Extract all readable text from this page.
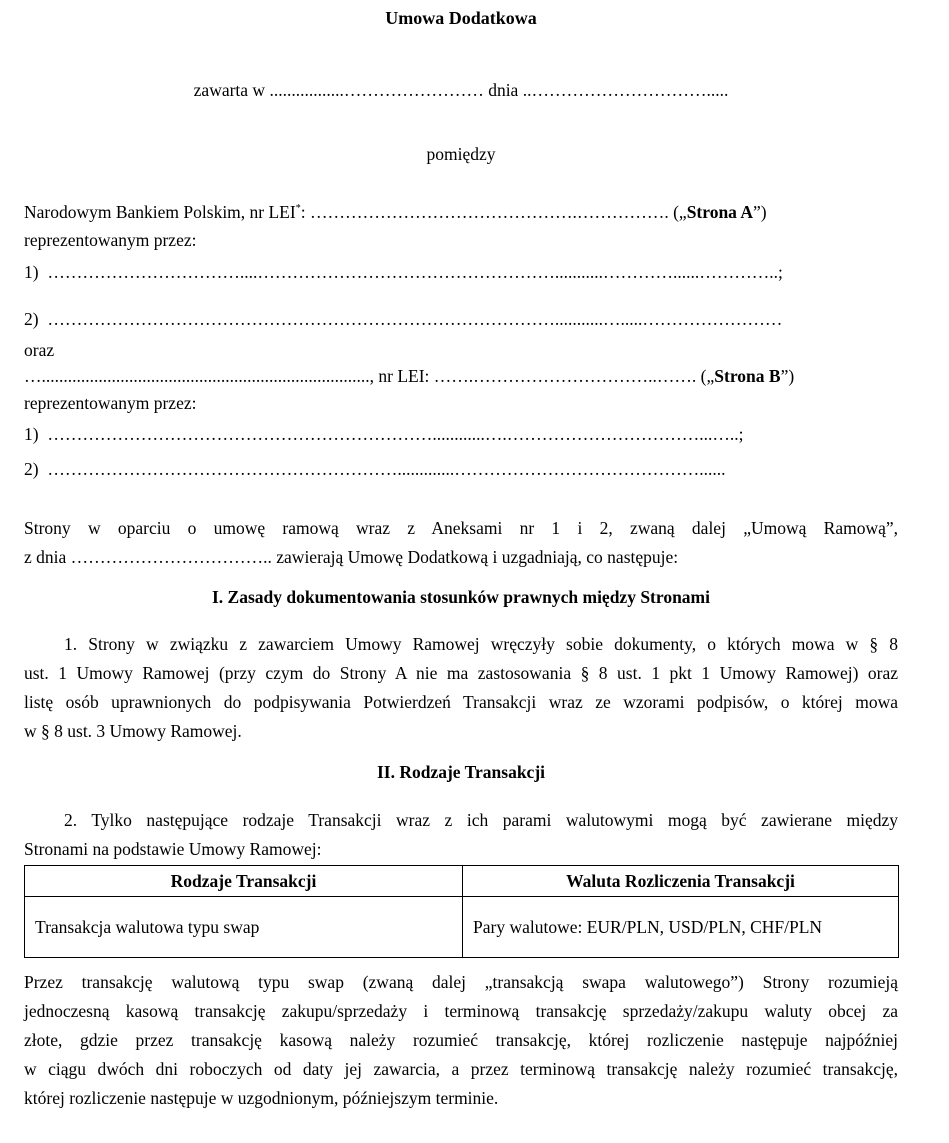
Umowa Dodatkowa
zawarta w .................…………………… dnia ..………………………….....
pomiędzy
Narodowym Bankiem Polskim, nr LEI*: ……………………………………….……………. („Strona A”)
reprezentowanym przez:
1) ……………………………....……………………………………………...........…………......…………..;
2) ……………………………………………………………………………...........….....……………………
oraz
…..........................................................................., nr LEI: …….…………………………..……. („Strona B”)
reprezentowanym przez:
1) …………………………………………………………............….……………………………...…..;
2) …………………………………………………….............……………………………………......
Strony w oparciu o umowę ramową wraz z Aneksami nr 1 i 2, zwaną dalej „Umową Ramową”,
z dnia …………………………….. zawierają Umowę Dodatkową i uzgadniają, co następuje:
I. Zasady dokumentowania stosunków prawnych między Stronami
1. Strony w związku z zawarciem Umowy Ramowej wręczyły sobie dokumenty, o których mowa w § 8
ust. 1 Umowy Ramowej (przy czym do Strony A nie ma zastosowania § 8 ust. 1 pkt 1 Umowy Ramowej) oraz
listę osób uprawnionych do podpisywania Potwierdzeń Transakcji wraz ze wzorami podpisów, o której mowa
w § 8 ust. 3 Umowy Ramowej.
II. Rodzaje Transakcji
2. Tylko następujące rodzaje Transakcji wraz z ich parami walutowymi mogą być zawierane między
Stronami na podstawie Umowy Ramowej:
Rodzaje Transakcji	Waluta Rozliczenia Transakcji
Transakcja walutowa typu swap	Pary walutowe: EUR/PLN, USD/PLN, CHF/PLN
Przez transakcję walutową typu swap (zwaną dalej „transakcją swapa walutowego”) Strony rozumieją
jednoczesną kasową transakcję zakupu/sprzedaży i terminową transakcję sprzedaży/zakupu waluty obcej za
złote, gdzie przez transakcję kasową należy rozumieć transakcję, której rozliczenie następuje najpóźniej
w ciągu dwóch dni roboczych od daty jej zawarcia, a przez terminową transakcję należy rozumieć transakcję,
której rozliczenie następuje w uzgodnionym, późniejszym terminie.
